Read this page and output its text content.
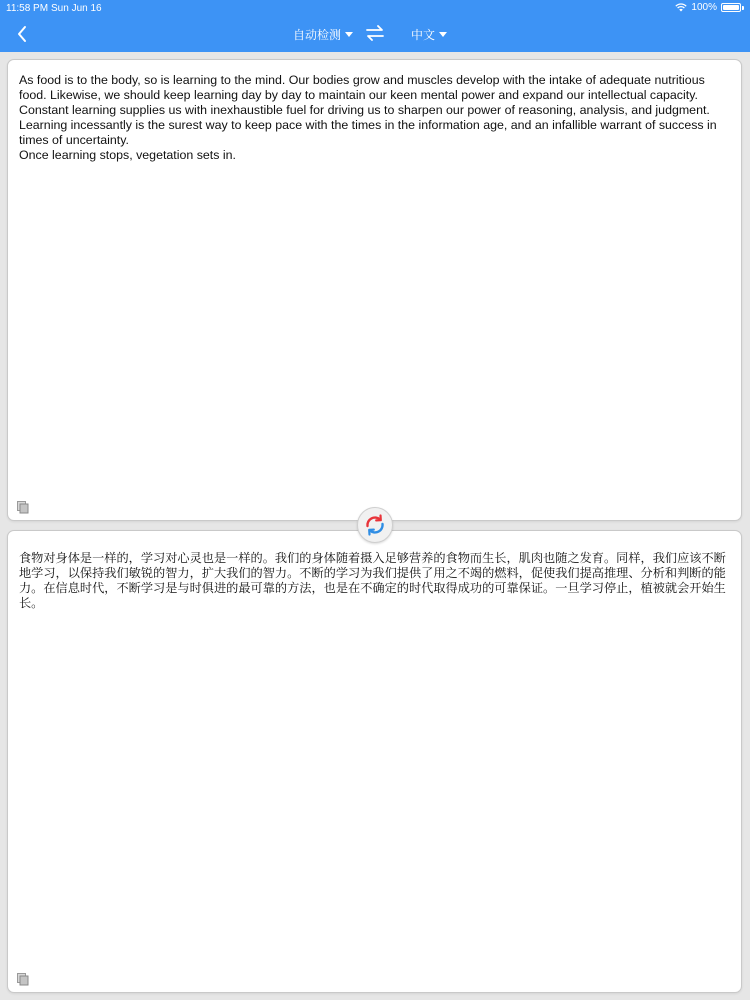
11:58 PM Sun Jun 16	100%
自动检测	中文

As food is to the body, so is learning to the mind. Our bodies grow and muscles develop with the intake of adequate nutritious food. Likewise, we should keep learning day by day to maintain our keen mental power and expand our intellectual capacity. Constant learning supplies us with inexhaustible fuel for driving us to sharpen our power of reasoning, analysis, and judgment. Learning incessantly is the surest way to keep pace with the times in the information age, and an infallible warrant of success in times of uncertainty.

Once learning stops, vegetation sets in.

食物对身体是一样的，学习对心灵也是一样的。我们的身体随着摄入足够营养的食物而生长，肌肉也随之发育。同样，我们应该不断地学习，以保持我们敏锐的智力，扩大我们的智力。不断的学习为我们提供了用之不竭的燃料，促使我们提高推理、分析和判断的能力。在信息时代，不断学习是与时俱进的最可靠的方法，也是在不确定的时代取得成功的可靠保证。一旦学习停止，植被就会开始生长。
